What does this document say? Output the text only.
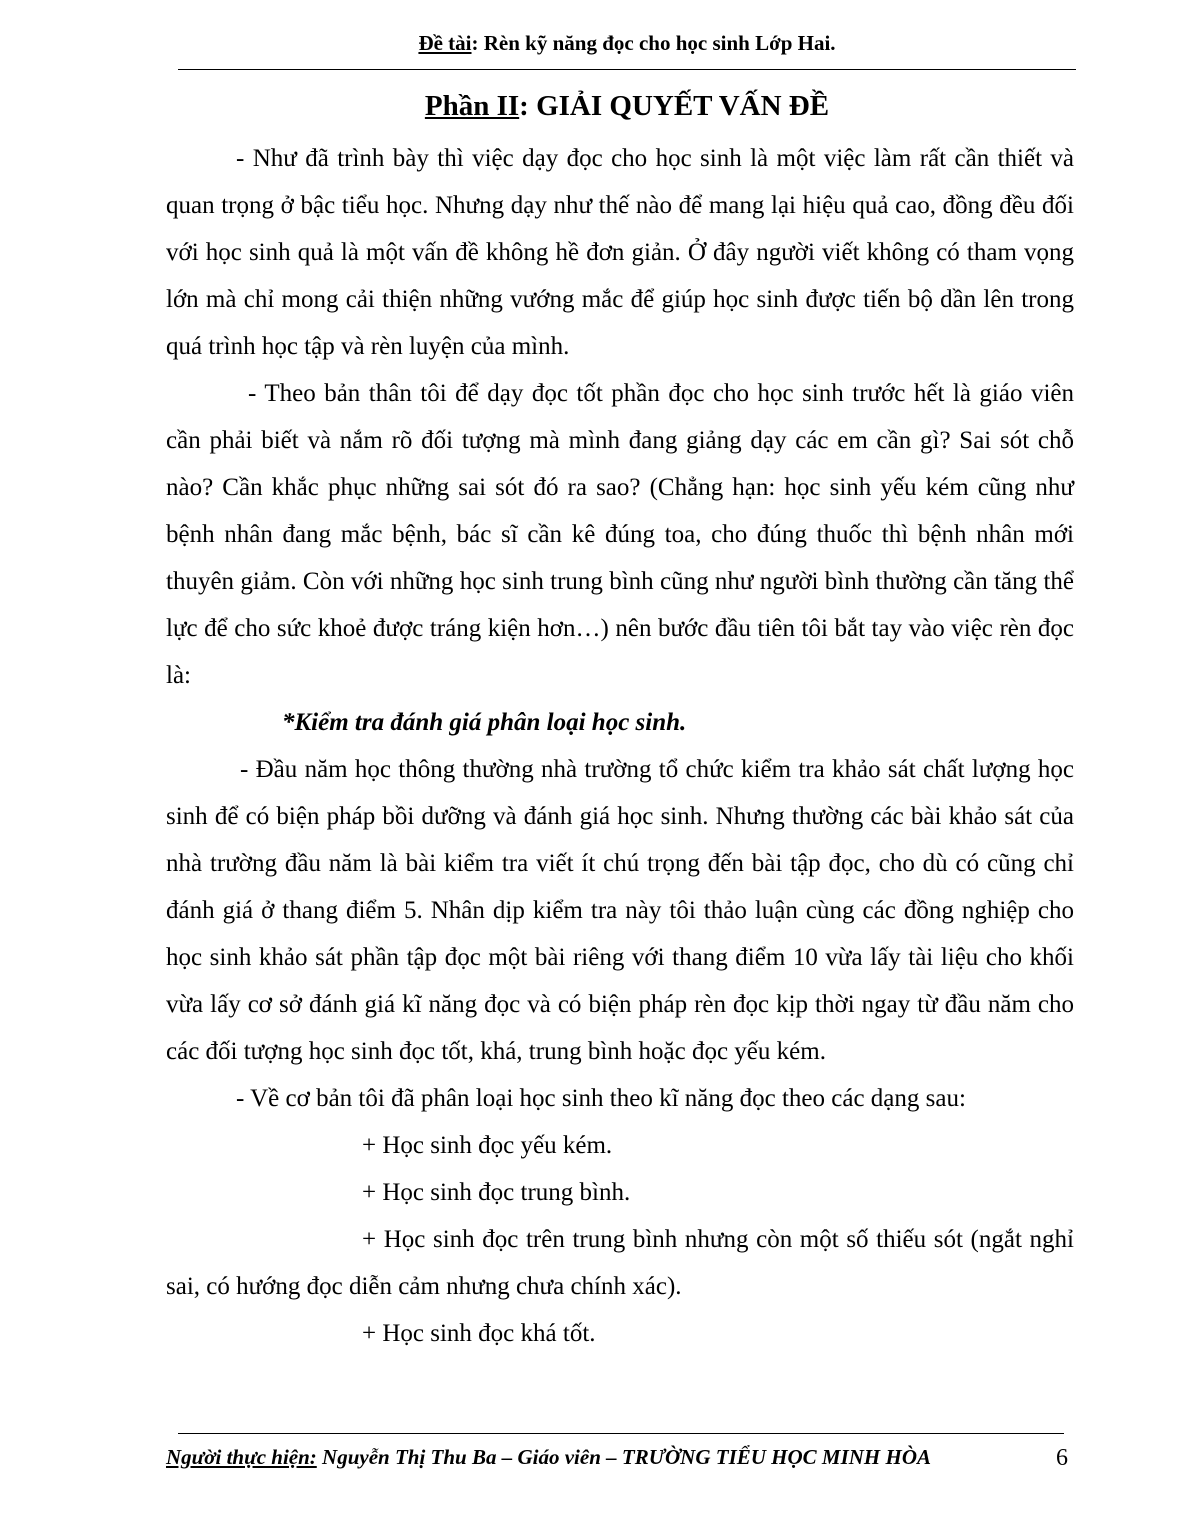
Đề tài: Rèn kỹ năng đọc cho học sinh Lớp Hai.
Phần II: GIẢI QUYẾT VẤN ĐỀ

- Như đã trình bày thì việc dạy đọc cho học sinh là một việc làm rất cần thiết và quan trọng ở bậc tiểu học. Nhưng dạy như thế nào để mang lại hiệu quả cao, đồng đều đối với học sinh quả là một vấn đề không hề đơn giản. Ở đây người viết không có tham vọng lớn mà chỉ mong cải thiện những vướng mắc để giúp học sinh được tiến bộ dần lên trong quá trình học tập và rèn luyện của mình.

- Theo bản thân tôi để dạy đọc tốt phần đọc cho học sinh trước hết là giáo viên cần phải biết và nắm rõ đối tượng mà mình đang giảng dạy các em cần gì? Sai sót chỗ nào? Cần khắc phục những sai sót đó ra sao? (Chẳng hạn: học sinh yếu kém cũng như bệnh nhân đang mắc bệnh, bác sĩ cần kê đúng toa, cho đúng thuốc thì bệnh nhân mới thuyên giảm. Còn với những học sinh trung bình cũng như người bình thường cần tăng thể lực để cho sức khoẻ được tráng kiện hơn…) nên bước đầu tiên tôi bắt tay vào việc rèn đọc là:

*Kiểm tra đánh giá phân loại học sinh.

- Đầu năm học thông thường nhà trường tổ chức kiểm tra khảo sát chất lượng học sinh để có biện pháp bồi dưỡng và đánh giá học sinh. Nhưng thường các bài khảo sát của nhà trường đầu năm là bài kiểm tra viết ít chú trọng đến bài tập đọc, cho dù có cũng chỉ đánh giá ở thang điểm 5. Nhân dịp kiểm tra này tôi thảo luận cùng các đồng nghiệp cho học sinh khảo sát phần tập đọc một bài riêng với thang điểm 10 vừa lấy tài liệu cho khối vừa lấy cơ sở đánh giá kĩ năng đọc và có biện pháp rèn đọc kịp thời ngay từ đầu năm cho các đối tượng học sinh đọc tốt, khá, trung bình hoặc đọc yếu kém.

- Về cơ bản tôi đã phân loại học sinh theo kĩ năng đọc theo các dạng sau:

+ Học sinh đọc yếu kém.

+ Học sinh đọc trung bình.

+ Học sinh đọc trên trung bình nhưng còn một số thiếu sót (ngắt nghỉ sai, có hướng đọc diễn cảm nhưng chưa chính xác).

+ Học sinh đọc khá tốt.

Người thực hiện: Nguyễn Thị Thu Ba – Giáo viên – TRƯỜNG TIỂU HỌC MINH HÒA	6
